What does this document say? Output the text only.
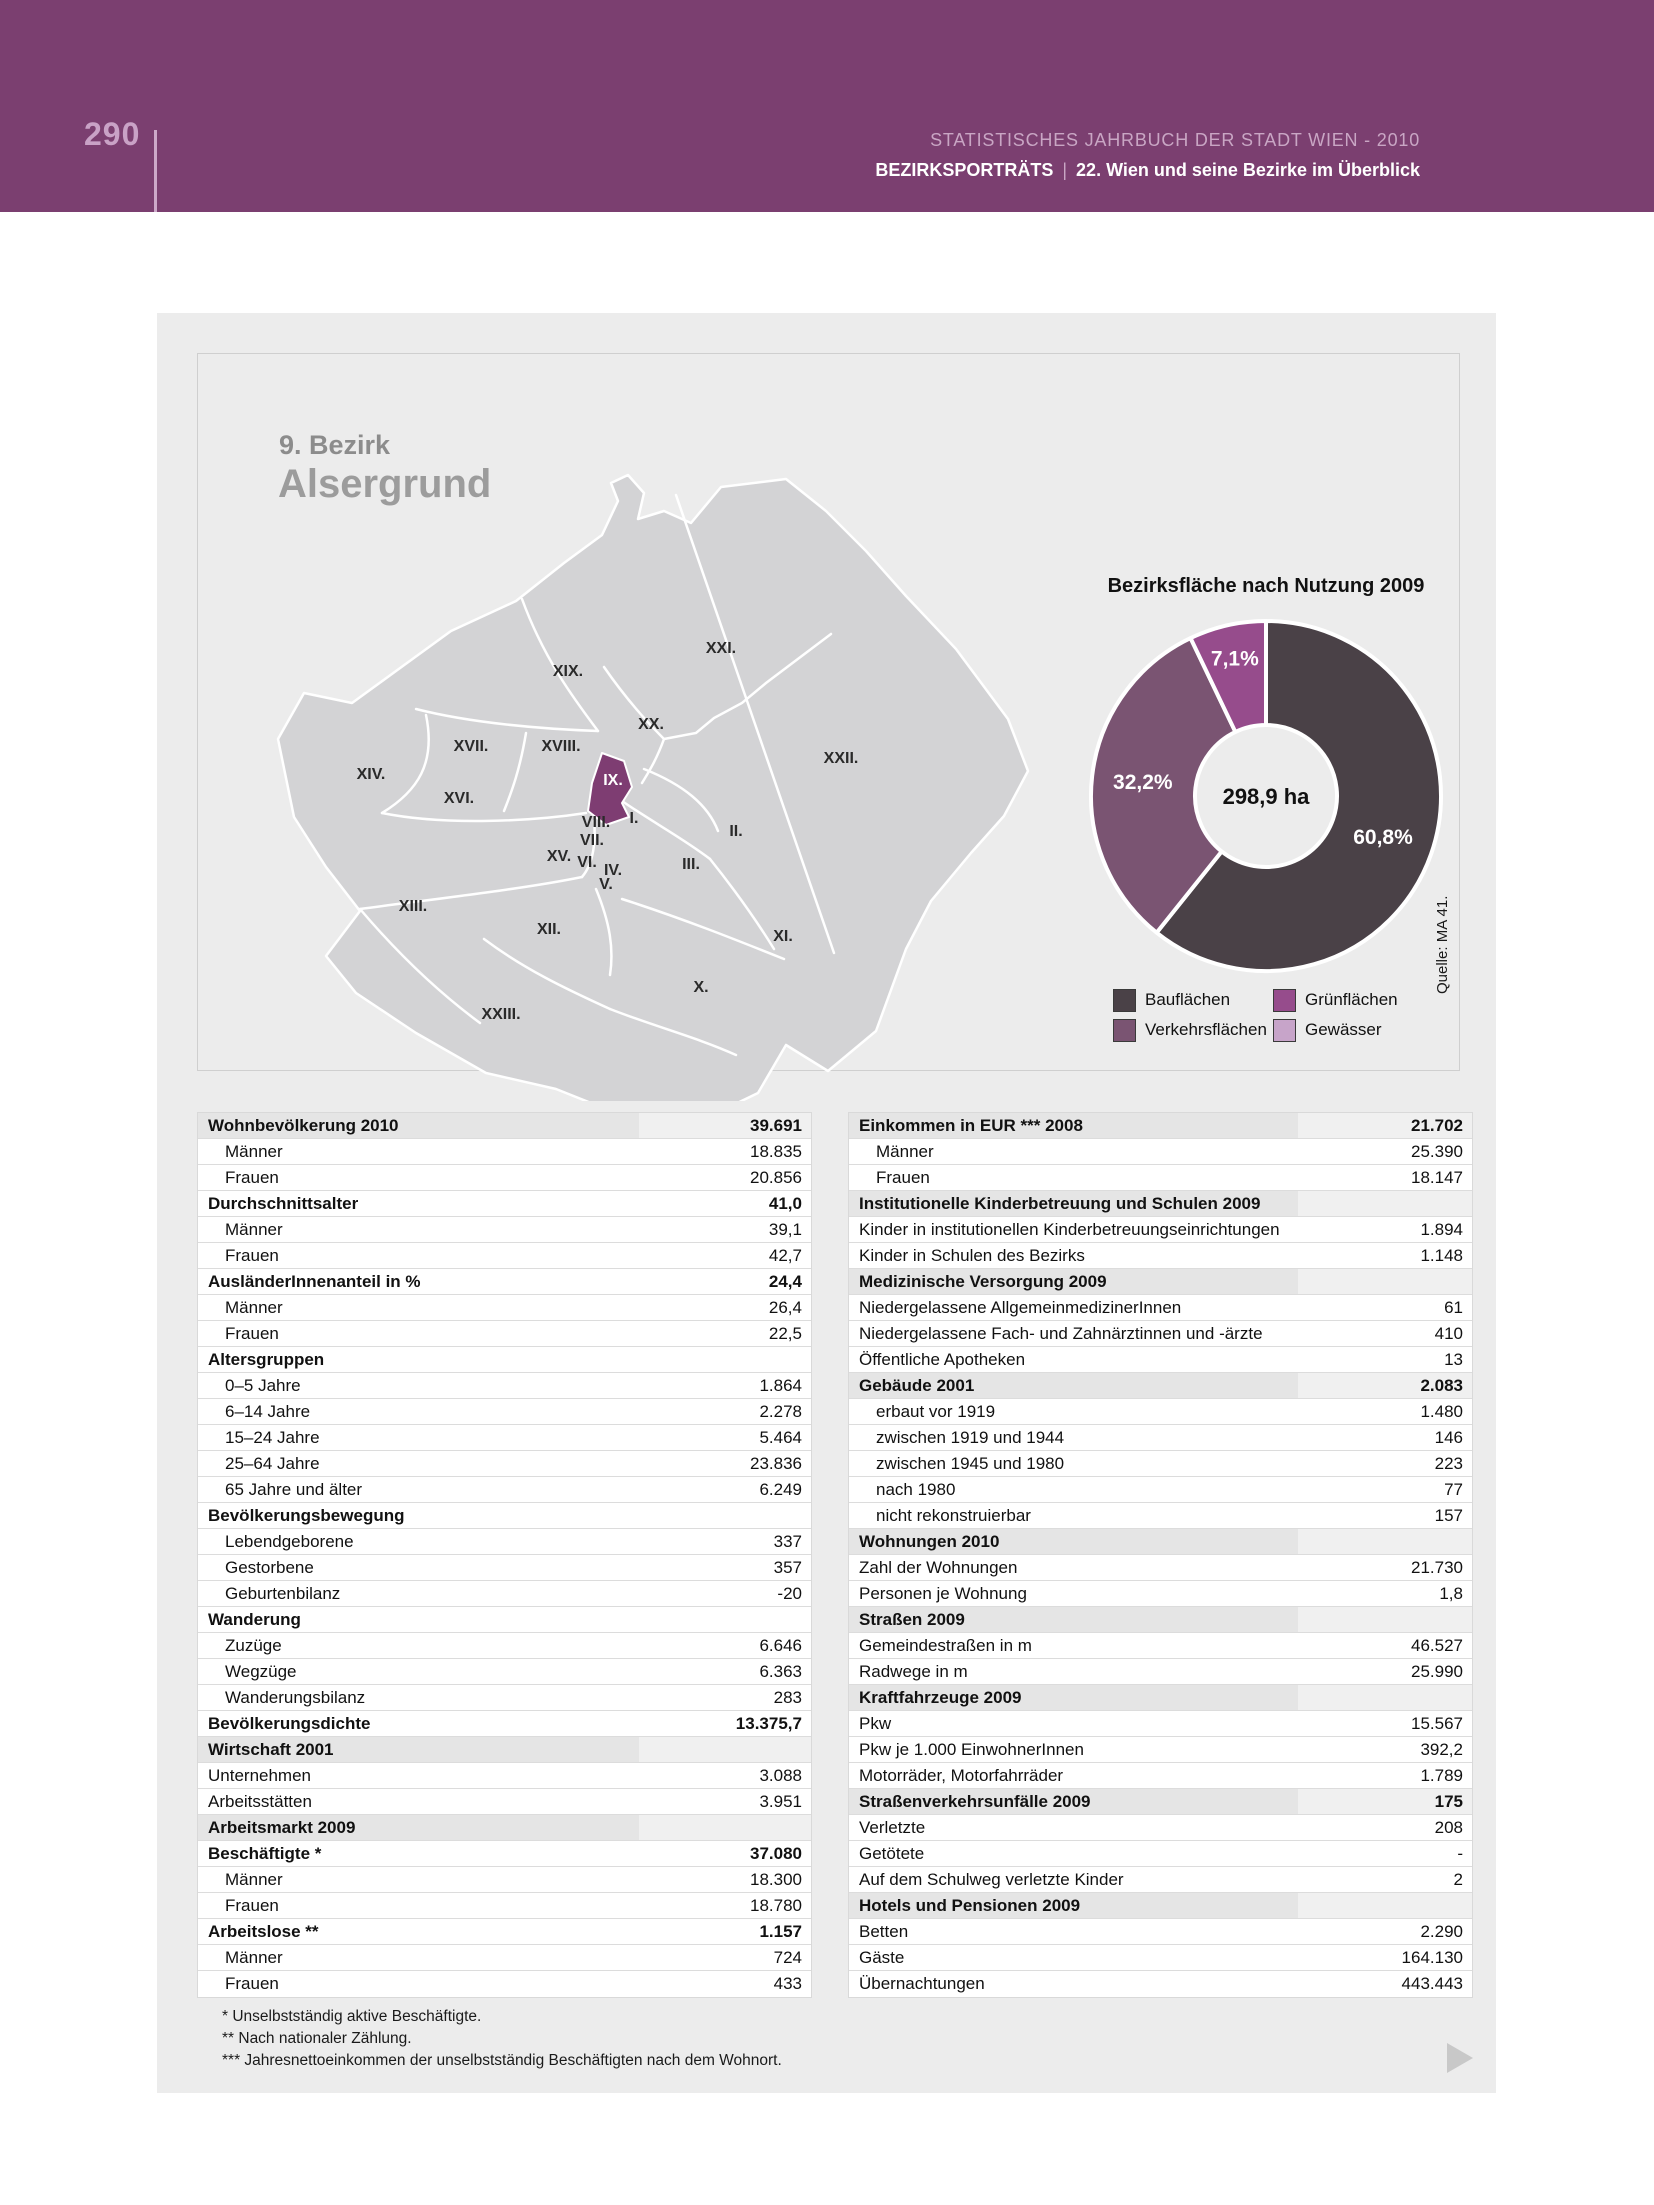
290	STATISTISCHES JAHRBUCH DER STADT WIEN - 2010
BEZIRKSPORTRÄTS | 22. Wien und seine Bezirke im Überblick
9. Bezirk
Alsergrund
XIX.
XXI.
XIV.
XVII.	XVIII.
XX.
XXII.
XVI.
IX.
VIII. I.
II.
VII.
XV. VI. IV.	III.
V.
XIII.
XII.	XI.
X.
XXIII.
Bezirksfläche nach Nutzung 2009
60,8%
32,2%
7,1%
298,9 ha
Bauflächen	Grünflächen
Verkehrsflächen Gewässer
Quelle: MA 41.
Wohnbevölkerung 2010	39.691
Männer	18.835
Frauen	20.856
Durchschnittsalter	41,0
Männer	39,1
Frauen	42,7
AusländerInnenanteil in %	24,4
Männer	26,4
Frauen	22,5
Altersgruppen
0–5 Jahre	1.864
6–14 Jahre	2.278
15–24 Jahre	5.464
25–64 Jahre	23.836
65 Jahre und älter	6.249
Bevölkerungsbewegung
Lebendgeborene	337
Gestorbene	357
Geburtenbilanz	-20
Wanderung
Zuzüge	6.646
Wegzüge	6.363
Wanderungsbilanz	283
Bevölkerungsdichte	13.375,7
Wirtschaft 2001
Unternehmen	3.088
Arbeitsstätten	3.951
Arbeitsmarkt 2009
Beschäftigte *	37.080
Männer	18.300
Frauen	18.780
Arbeitslose **	1.157
Männer	724
Frauen	433
Einkommen in EUR *** 2008	21.702
Männer	25.390
Frauen	18.147
Institutionelle Kinderbetreuung und Schulen 2009
Kinder in institutionellen Kinderbetreuungseinrichtungen	1.894
Kinder in Schulen des Bezirks	1.148
Medizinische Versorgung 2009
Niedergelassene AllgemeinmedizinerInnen	61
Niedergelassene Fach- und Zahnärztinnen und -ärzte	410
Öffentliche Apotheken	13
Gebäude 2001	2.083
erbaut vor 1919	1.480
zwischen 1919 und 1944	146
zwischen 1945 und 1980	223
nach 1980	77
nicht rekonstruierbar	157
Wohnungen 2010
Zahl der Wohnungen	21.730
Personen je Wohnung	1,8
Straßen 2009
Gemeindestraßen in m	46.527
Radwege in m	25.990
Kraftfahrzeuge 2009
Pkw	15.567
Pkw je 1.000 EinwohnerInnen	392,2
Motorräder, Motorfahrräder	1.789
Straßenverkehrsunfälle 2009	175
Verletzte	208
Getötete	-
Auf dem Schulweg verletzte Kinder	2
Hotels und Pensionen 2009
Betten	2.290
Gäste	164.130
Übernachtungen	443.443
* Unselbstständig aktive Beschäftigte.
** Nach nationaler Zählung.
*** Jahresnettoeinkommen der unselbstständig Beschäftigten nach dem Wohnort.
